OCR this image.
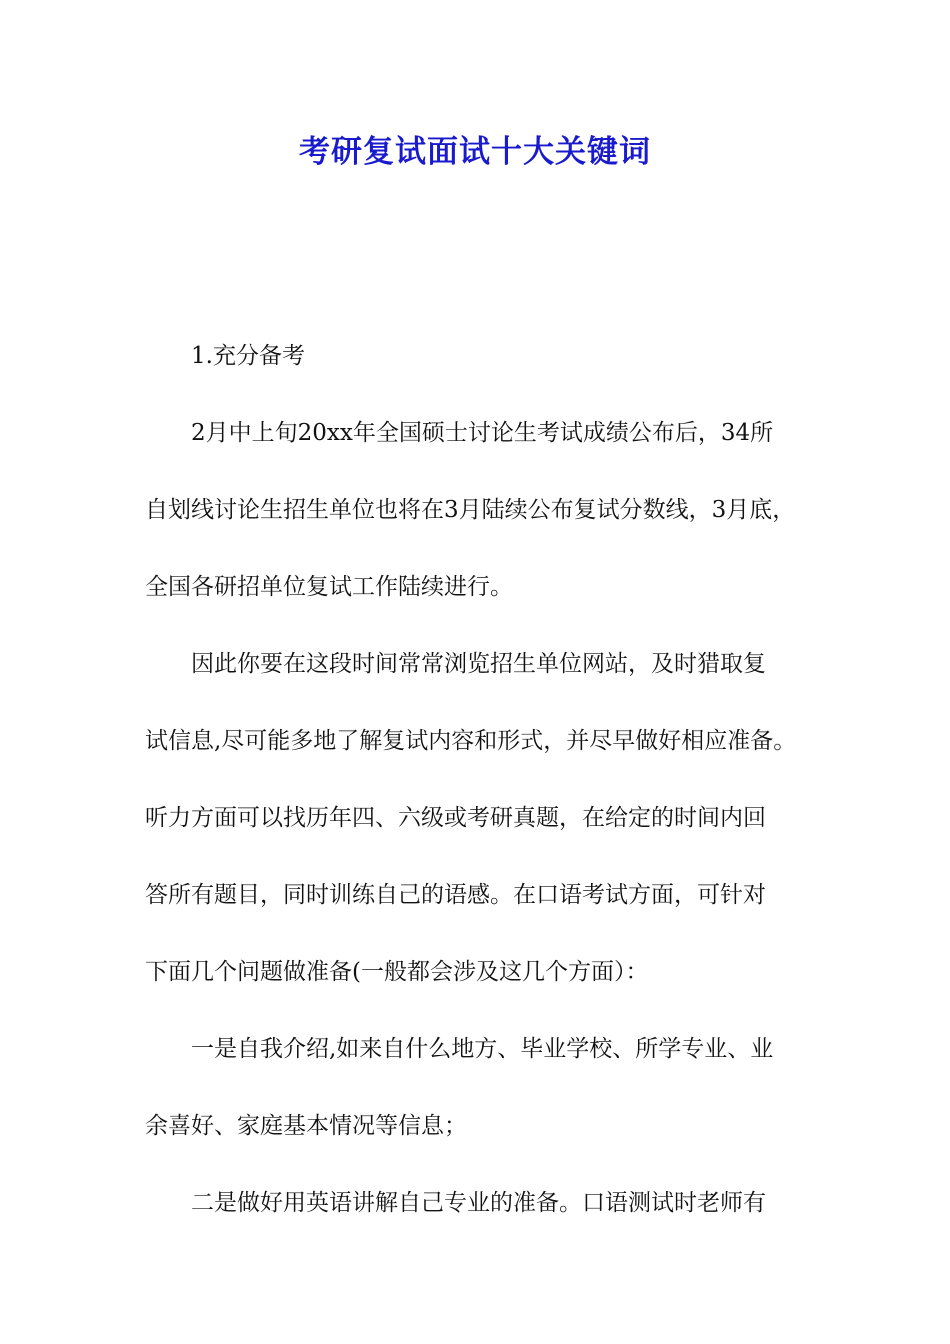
考研复试面试十大关键词
1.充分备考
2月中上旬20xx年全国硕士讨论生考试成绩公布后，34所
自划线讨论生招生单位也将在3月陆续公布复试分数线，3月底，
全国各研招单位复试工作陆续进行。
因此你要在这段时间常常浏览招生单位网站，及时猎取复
试信息,尽可能多地了解复试内容和形式，并尽早做好相应准备。
听力方面可以找历年四、六级或考研真题，在给定的时间内回
答所有题目，同时训练自己的语感。在口语考试方面，可针对
下面几个问题做准备(一般都会涉及这几个方面）：
一是自我介绍,如来自什么地方、毕业学校、所学专业、业
余喜好、家庭基本情况等信息；
二是做好用英语讲解自己专业的准备。口语测试时老师有
